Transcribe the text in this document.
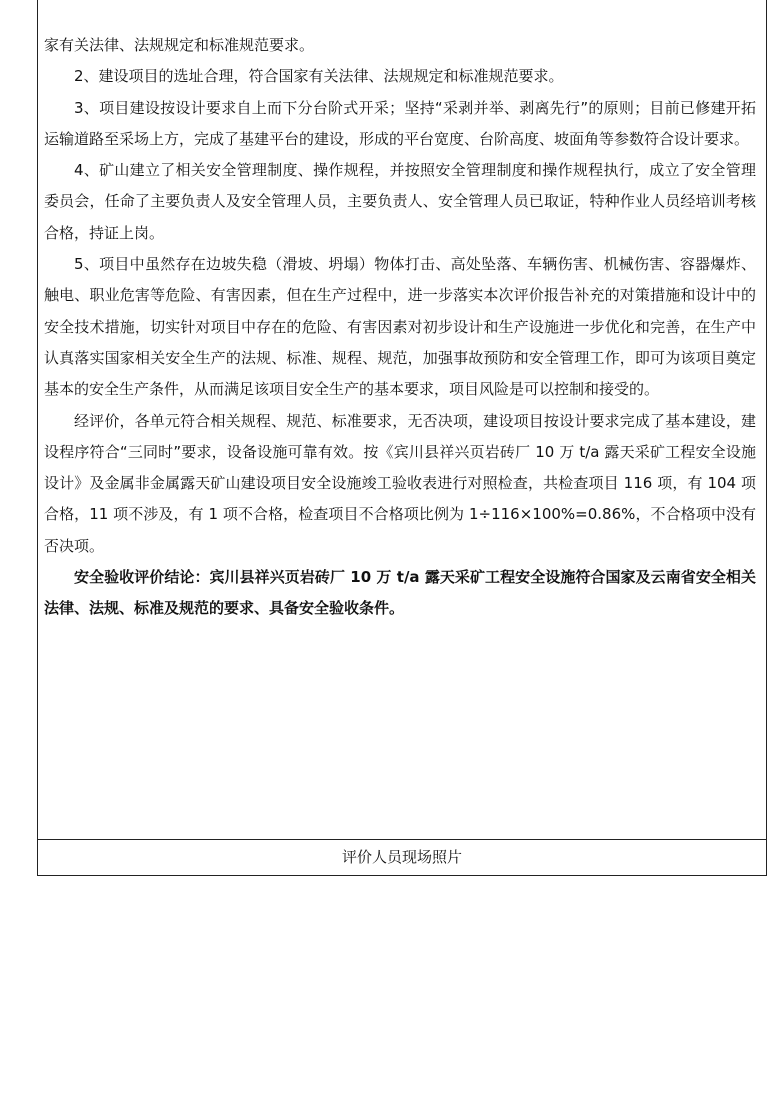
家有关法律、法规规定和标准规范要求。

2、建设项目的选址合理，符合国家有关法律、法规规定和标准规范要求。

3、项目建设按设计要求自上而下分台阶式开采；坚持“采剥并举、剥离先行”的原则；目前已修建开拓运输道路至采场上方，完成了基建平台的建设，形成的平台宽度、台阶高度、坡面角等参数符合设计要求。

4、矿山建立了相关安全管理制度、操作规程，并按照安全管理制度和操作规程执行，成立了安全管理委员会，任命了主要负责人及安全管理人员，主要负责人、安全管理人员已取证，特种作业人员经培训考核合格，持证上岗。

5、项目中虽然存在边坡失稳（滑坡、坍塌）物体打击、高处坠落、车辆伤害、机械伤害、容器爆炸、触电、职业危害等危险、有害因素，但在生产过程中，进一步落实本次评价报告补充的对策措施和设计中的安全技术措施，切实针对项目中存在的危险、有害因素对初步设计和生产设施进一步优化和完善，在生产中认真落实国家相关安全生产的法规、标准、规程、规范，加强事故预防和安全管理工作，即可为该项目奠定基本的安全生产条件，从而满足该项目安全生产的基本要求，项目风险是可以控制和接受的。

经评价，各单元符合相关规程、规范、标准要求，无否决项，建设项目按设计要求完成了基本建设，建设程序符合“三同时”要求，设备设施可靠有效。按《宾川县祥兴页岩砖厂 10 万 t/a 露天采矿工程安全设施设计》及金属非金属露天矿山建设项目安全设施竣工验收表进行对照检查，共检查项目 116 项，有 104 项合格，11 项不涉及，有 1 项不合格，检查项目不合格项比例为 1÷116×100%=0.86%，不合格项中没有否决项。

安全验收评价结论：宾川县祥兴页岩砖厂 10 万 t/a 露天采矿工程安全设施符合国家及云南省安全相关法律、法规、标准及规范的要求、具备安全验收条件。

评价人员现场照片
